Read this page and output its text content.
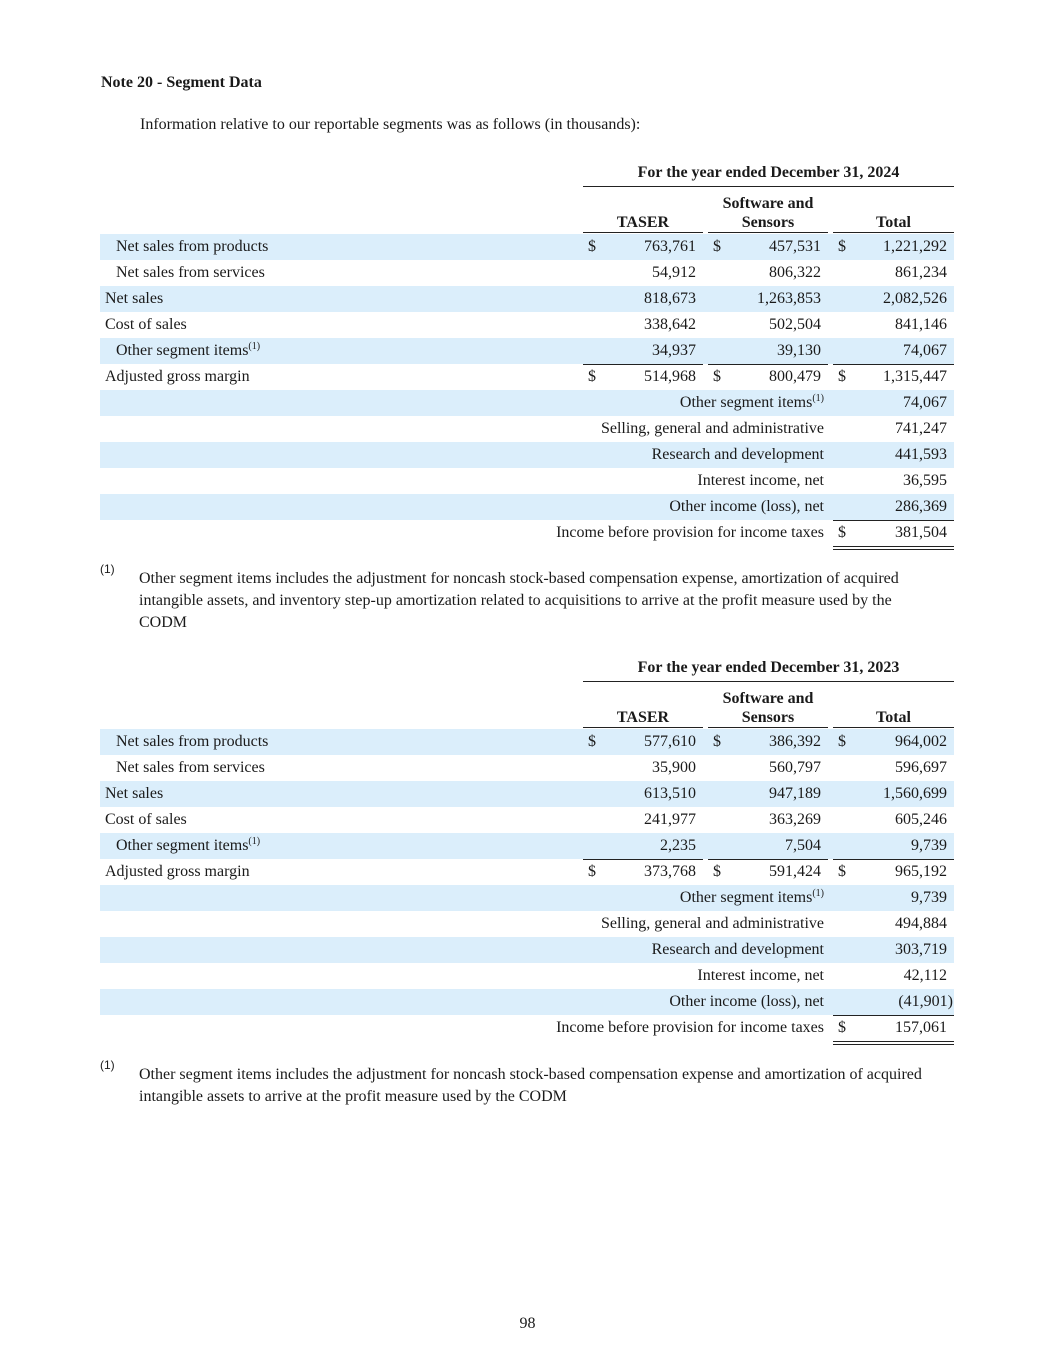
Note 20 - Segment Data
Information relative to our reportable segments was as follows (in thousands):
For the year ended December 31, 2024
TASER
Software and
Sensors	Total
Net sales from products	$	763,761 $	457,531 $ 1,221,292
Net sales from services	54,912	806,322	861,234
Net sales	818,673	1,263,853	2,082,526
Cost of sales	338,642	502,504	841,146
Other segment items$^{(1)}$	34,937	39,130	74,067
Adjusted gross margin	$	514,968 $	800,479 $ 1,315,447
Other segment items$^{(1)}$	74,067
Selling, general and administrative	741,247
Research and development	441,593
Interest income, net	36,595
Other income (loss), net	286,369
Income before provision for income taxes $	381,504
(1)
Other segment items includes the adjustment for noncash stock-based compensation expense, amortization of acquired intangible assets, and inventory step-up amortization related to acquisitions to arrive at the profit measure used by the CODM
For the year ended December 31, 2023
TASER
Software and
Sensors	Total
Net sales from products	$	577,610 $	386,392 $	964,002
Net sales from services	35,900	560,797	596,697
Net sales	613,510	947,189	1,560,699
Cost of sales	241,977	363,269	605,246
Other segment items$^{(1)}$	2,235	7,504	9,739
Adjusted gross margin	$	373,768 $	591,424 $	965,192
Other segment items$^{(1)}$	9,739
Selling, general and administrative	494,884
Research and development	303,719
Interest income, net	42,112
Other income (loss), net	(41,901)
Income before provision for income taxes $	157,061
(1)
Other segment items includes the adjustment for noncash stock-based compensation expense and amortization of acquired intangible assets to arrive at the profit measure used by the CODM
98
